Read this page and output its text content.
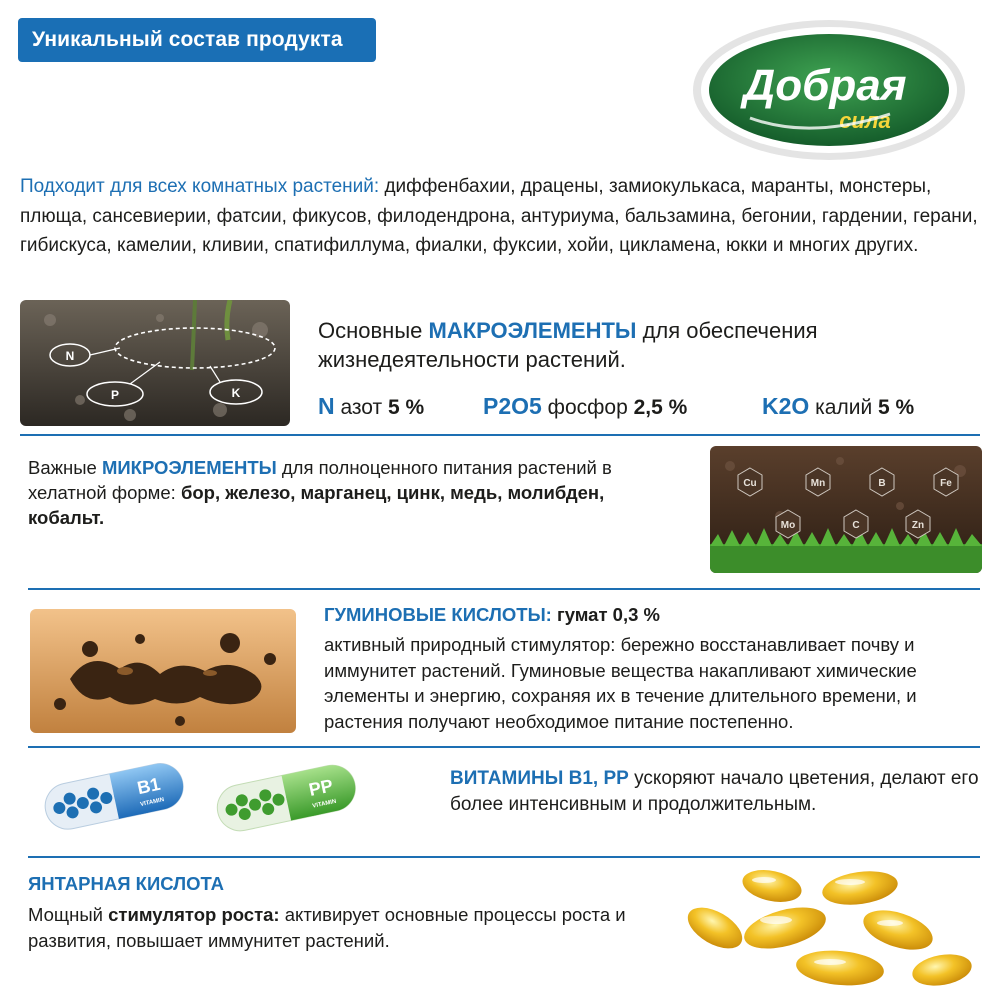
Уникальный состав продукта
Добрая
сила
Подходит для всех комнатных растений: диффенбахии, драцены, замиокулькаса, маранты, монстеры, плюща, сансевиерии, фатсии, фикусов, филодендрона, антуриума, бальзамина, бегонии, гардении, герани, гибискуса, камелии, кливии, спатифиллума, фиалки, фуксии, хойи, цикламена, юкки и многих других.
N
P	K
Основные МАКРОЭЛЕМЕНТЫ для обеспечения жизнедеятельности растений.
N азот 5 %	P2O5 фосфор 2,5 %	K2O калий 5 %
Важные МИКРОЭЛЕМЕНТЫ для полноценного питания растений в хелатной форме: бор, железо, марганец, цинк, медь, молибден, кобальт.
Cu	Mn	B	Fe
Mo	C	Zn
ГУМИНОВЫЕ КИСЛОТЫ: гумат 0,3 %
активный природный стимулятор: бережно восстанавливает почву и иммунитет растений. Гуминовые вещества накапливают химические элементы и энергию, сохраняя их в течение длительного времени, и растения получают необходимое питание постепенно.
B1
VITAMIN
PP
VITAMIN
ВИТАМИНЫ В1, РР ускоряют начало цветения, делают его более интенсивным и продолжительным.
ЯНТАРНАЯ КИСЛОТА
Мощный стимулятор роста: активирует основные процессы роста и развития, повышает иммунитет растений.
